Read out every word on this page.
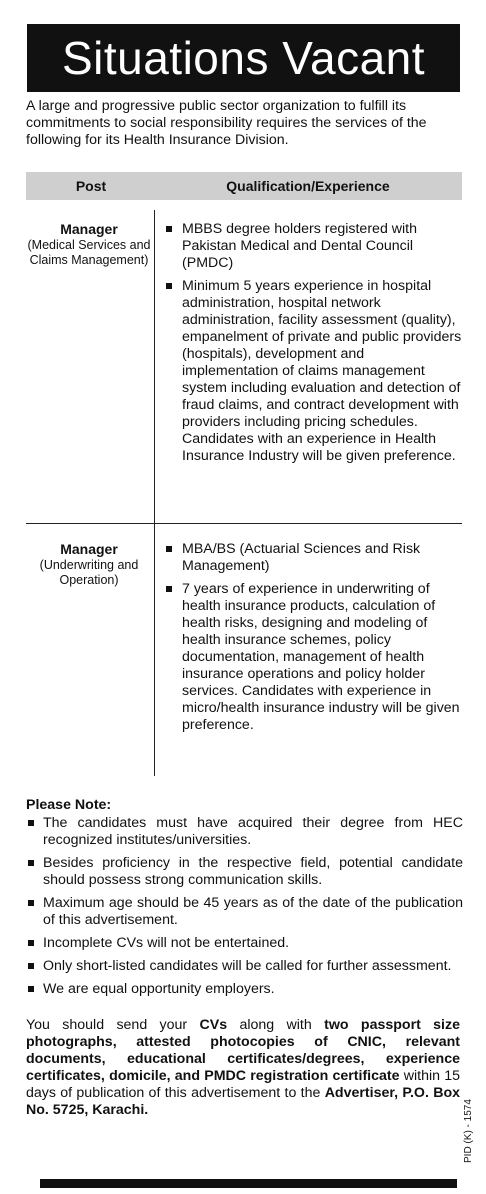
Situations Vacant
A large and progressive public sector organization to fulfill its commitments to social responsibility requires the services of the following for its Health Insurance Division.
Post	Qualification/Experience
Manager
(Medical Services and Claims Management)
MBBS degree holders registered with Pakistan Medical and Dental Council (PMDC)
Minimum 5 years experience in hospital administration, hospital network administration, facility assessment (quality), empanelment of private and public providers (hospitals), development and implementation of claims management system including evaluation and detection of fraud claims, and contract development with providers including pricing schedules. Candidates with an experience in Health Insurance Industry will be given preference.
Manager
(Underwriting and Operation)
MBA/BS (Actuarial Sciences and Risk Management)
7 years of experience in underwriting of health insurance products, calculation of health risks, designing and modeling of health insurance schemes, policy documentation, management of health insurance operations and policy holder services. Candidates with experience in micro/health insurance industry will be given preference.
Please Note:
The candidates must have acquired their degree from HEC recognized institutes/universities.
Besides proficiency in the respective field, potential candidate should possess strong communication skills.
Maximum age should be 45 years as of the date of the publication of this advertisement.
Incomplete CVs will not be entertained.
Only short-listed candidates will be called for further assessment.
We are equal opportunity employers.
You should send your CVs along with two passport size photographs, attested photocopies of CNIC, relevant documents, educational certificates/degrees, experience certificates, domicile, and PMDC registration certificate within 15 days of publication of this advertisement to the Advertiser, P.O. Box No. 5725, Karachi.	PID (K) - 1574
